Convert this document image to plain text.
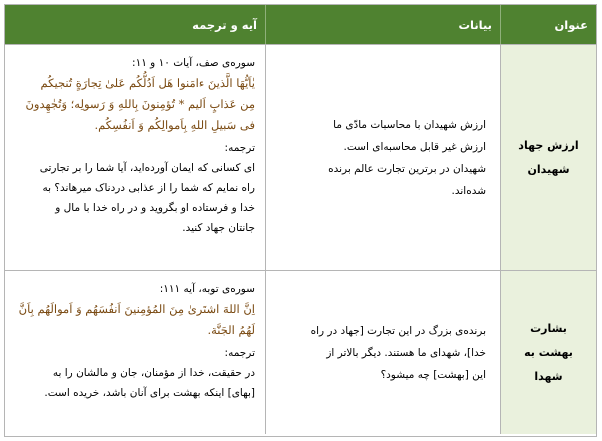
عنوان
بیانات
آیه و ترجمه
ارزش جهاد
شهیدان

ارزش شهیدان با محاسبات مادّی ما

ارزش غیر قابل محاسبه‌ای است.

شهیدان در برترین تجارت عالم برنده

شده‌اند.

سوره‌ی صف، آیات ۱۰ و ۱۱:

یٰاَیُّهَا الَّذینَ ءامَنوا هَل اَدُلُّکُم عَلیٰ تِجارَةٍ تُنجیکُم

مِن عَذابٍ اَلیم * تُؤمِنونَ بِاللهِ وَ رَسولِه؛ وَتُجٰهِدونَ

فی سَبیلِ اللهِ بِاَموالِکُم وَ اَنفُسِکُم.

ترجمه:

ای کسانی که ایمان آورده‌اید، آیا شما را بر تجارتی

راه نمایم که شما را از عذابی دردناک میرهاند؟ به

خدا و فرستاده او بگروید و در راه خدا با مال و

جانتان جهاد کنید.

بشارت
بهشت به
شهدا

برنده‌ی بزرگ در این تجارت [جهاد در راه

خدا]، شهدای ما هستند. دیگر بالاتر از

این [بهشت] چه میشود؟

سوره‌ی توبه، آیه ۱۱۱:

اِنَّ اللهَ اشتَرىٰ مِنَ المُؤمِنینَ اَنفُسَهُم وَ اَموالَهُم بِاَنَّ

لَهُمُ الجَنَّة.

ترجمه:

در حقیقت، خدا از مؤمنان، جان و مالشان را به

[بهای] اینکه بهشت برای آنان باشد، خریده است.
